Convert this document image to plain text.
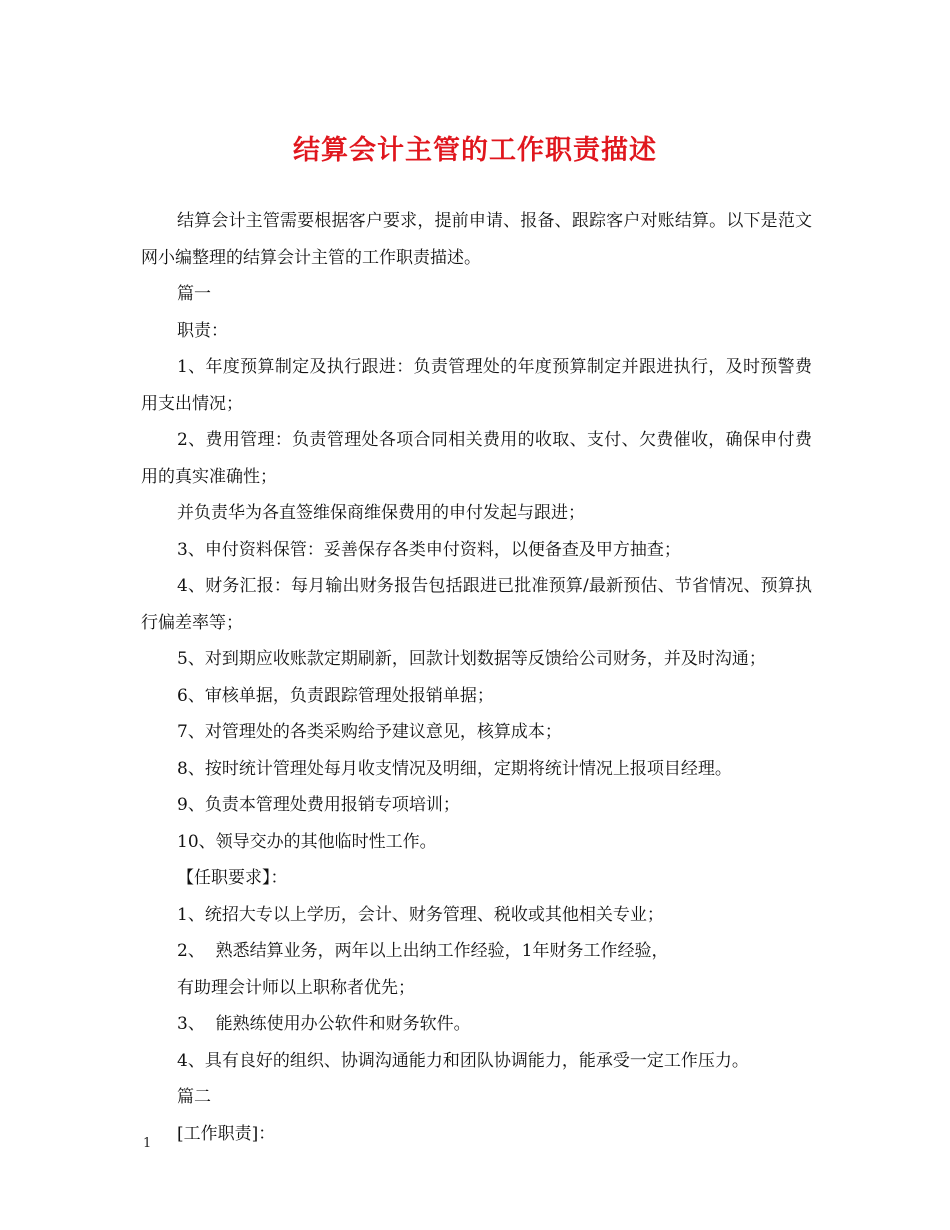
结算会计主管的工作职责描述

结算会计主管需要根据客户要求，提前申请、报备、跟踪客户对账结算。以下是范文网小编整理的结算会计主管的工作职责描述。

篇一

职责：

1、年度预算制定及执行跟进：负责管理处的年度预算制定并跟进执行，及时预警费用支出情况；

2、费用管理：负责管理处各项合同相关费用的收取、支付、欠费催收，确保申付费用的真实准确性；

并负责华为各直签维保商维保费用的申付发起与跟进；

3、申付资料保管：妥善保存各类申付资料，以便备查及甲方抽查；

4、财务汇报：每月输出财务报告包括跟进已批准预算/最新预估、节省情况、预算执行偏差率等；

5、对到期应收账款定期刷新，回款计划数据等反馈给公司财务，并及时沟通；

6、审核单据，负责跟踪管理处报销单据；

7、对管理处的各类采购给予建议意见，核算成本；

8、按时统计管理处每月收支情况及明细，定期将统计情况上报项目经理。

9、负责本管理处费用报销专项培训；

10、领导交办的其他临时性工作。

【任职要求】：

1、统招大专以上学历，会计、财务管理、税收或其他相关专业；

2、  熟悉结算业务，两年以上出纳工作经验，1年财务工作经验，

有助理会计师以上职称者优先；

3、  能熟练使用办公软件和财务软件。

4、具有良好的组织、协调沟通能力和团队协调能力，能承受一定工作压力。

篇二

[工作职责]：

1
